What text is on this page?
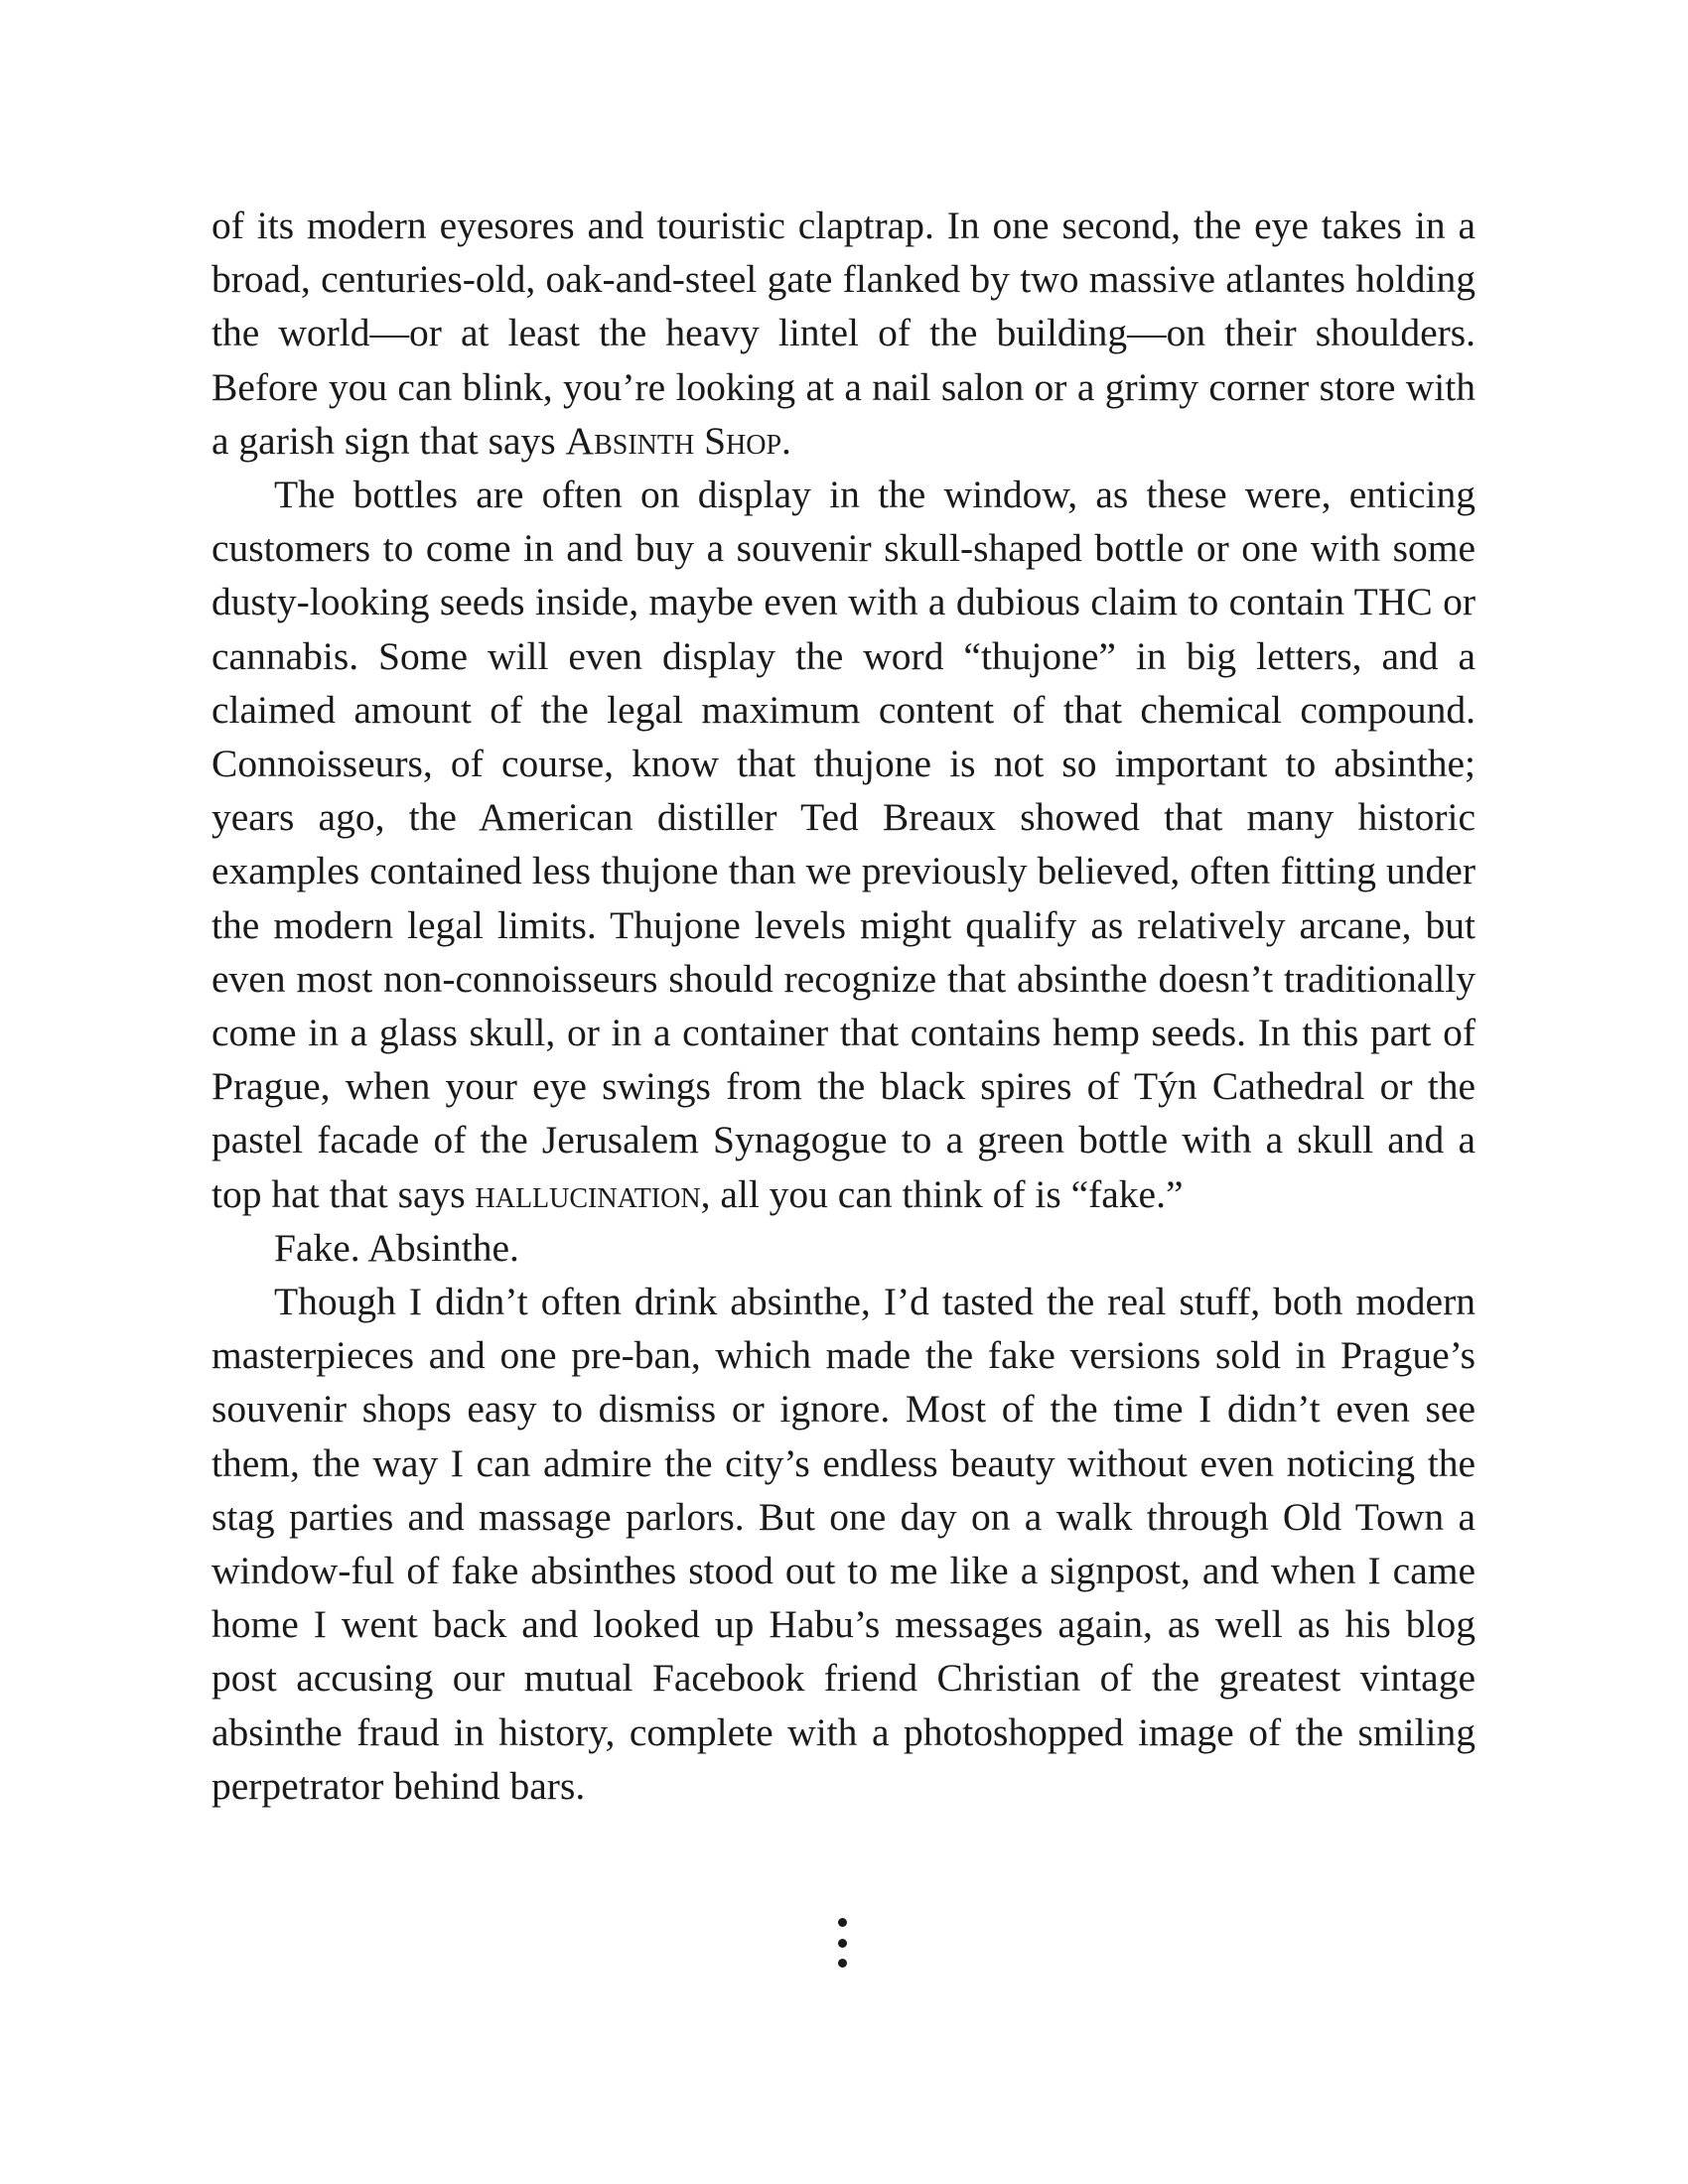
of its modern eyesores and touristic claptrap. In one second, the eye takes in a broad, centuries-old, oak-and-steel gate flanked by two massive atlantes holding the world—or at least the heavy lintel of the building—on their shoulders. Before you can blink, you’re looking at a nail salon or a grimy corner store with a garish sign that says Absinth Shop.

The bottles are often on display in the window, as these were, enticing customers to come in and buy a souvenir skull-shaped bottle or one with some dusty-looking seeds inside, maybe even with a dubious claim to contain THC or cannabis. Some will even display the word “thujone” in big letters, and a claimed amount of the legal maximum content of that chemical compound. Connoisseurs, of course, know that thujone is not so important to absinthe; years ago, the American distiller Ted Breaux showed that many historic examples contained less thujone than we previously believed, often fitting under the modern legal limits. Thujone levels might qualify as relatively arcane, but even most non-connoisseurs should recognize that absinthe doesn’t traditionally come in a glass skull, or in a container that contains hemp seeds. In this part of Prague, when your eye swings from the black spires of Týn Cathedral or the pastel facade of the Jerusalem Synagogue to a green bottle with a skull and a top hat that says hallucination, all you can think of is “fake.”

Fake. Absinthe.

Though I didn’t often drink absinthe, I’d tasted the real stuff, both modern masterpieces and one pre-ban, which made the fake versions sold in Prague’s souvenir shops easy to dismiss or ignore. Most of the time I didn’t even see them, the way I can admire the city’s endless beauty without even noticing the stag parties and massage parlors. But one day on a walk through Old Town a window-ful of fake absinthes stood out to me like a signpost, and when I came home I went back and looked up Habu’s messages again, as well as his blog post accusing our mutual Facebook friend Christian of the greatest vintage absinthe fraud in history, complete with a photoshopped image of the smiling perpetrator behind bars.
